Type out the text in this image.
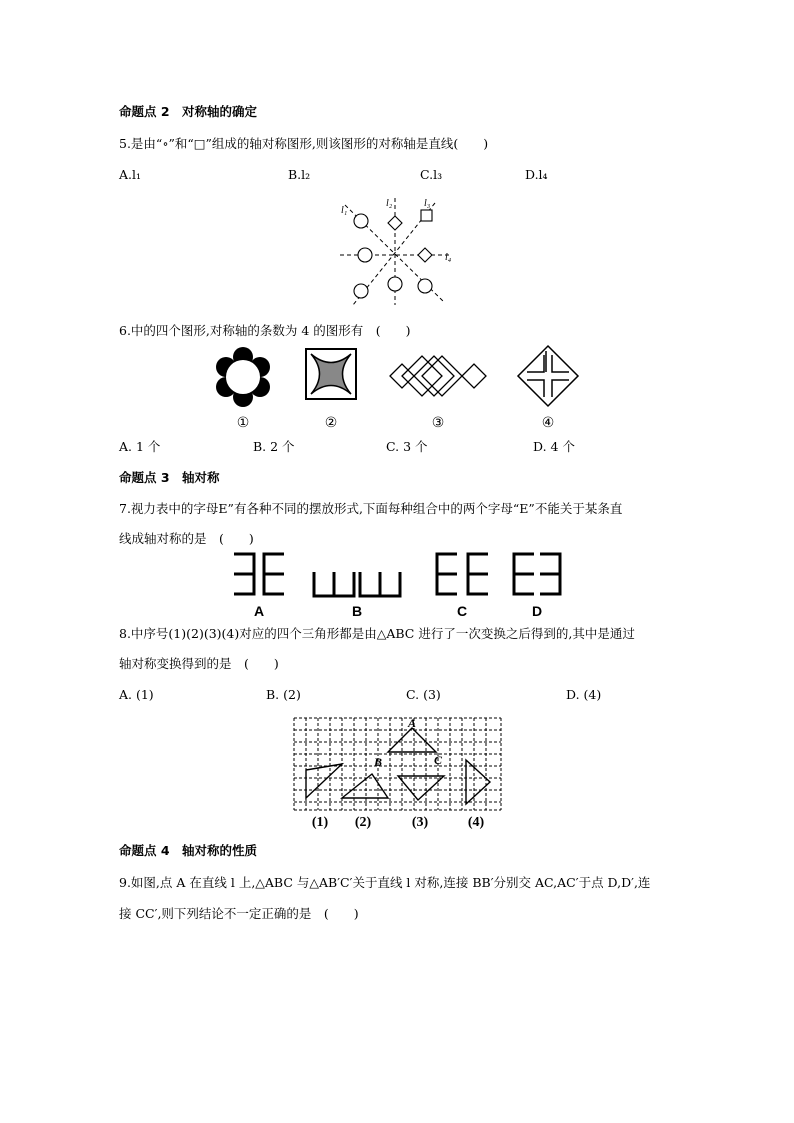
命题点 2　对称轴的确定
5.是由“∘”和“□”组成的轴对称图形,则该图形的对称轴是直线(　　)
A.l₁	B.l₂	C.l₃	D.l₄
l₁
l₂	l₃
l₄
6.中的四个图形,对称轴的条数为 4 的图形有　(　　)
①	②	③	④
A. 1 个	B. 2 个	C. 3 个	D. 4 个
命题点 3　轴对称
7.视力表中的字母E”有各种不同的摆放形式,下面每种组合中的两个字母“E”不能关于某条直
线成轴对称的是　(　　)
A	B	C	D
8.中序号(1)(2)(3)(4)对应的四个三角形都是由△ABC 进行了一次变换之后得到的,其中是通过
轴对称变换得到的是　(　　)
A. (1)	B. (2)	C. (3)	D. (4)
A
B	C
(1) (2)	(3)	(4)
命题点 4　轴对称的性质
9.如图,点 A 在直线 l 上,△ABC 与△AB′C′关于直线 l 对称,连接 BB′分别交 AC,AC′于点 D,D′,连
接 CC′,则下列结论不一定正确的是　(　　)
